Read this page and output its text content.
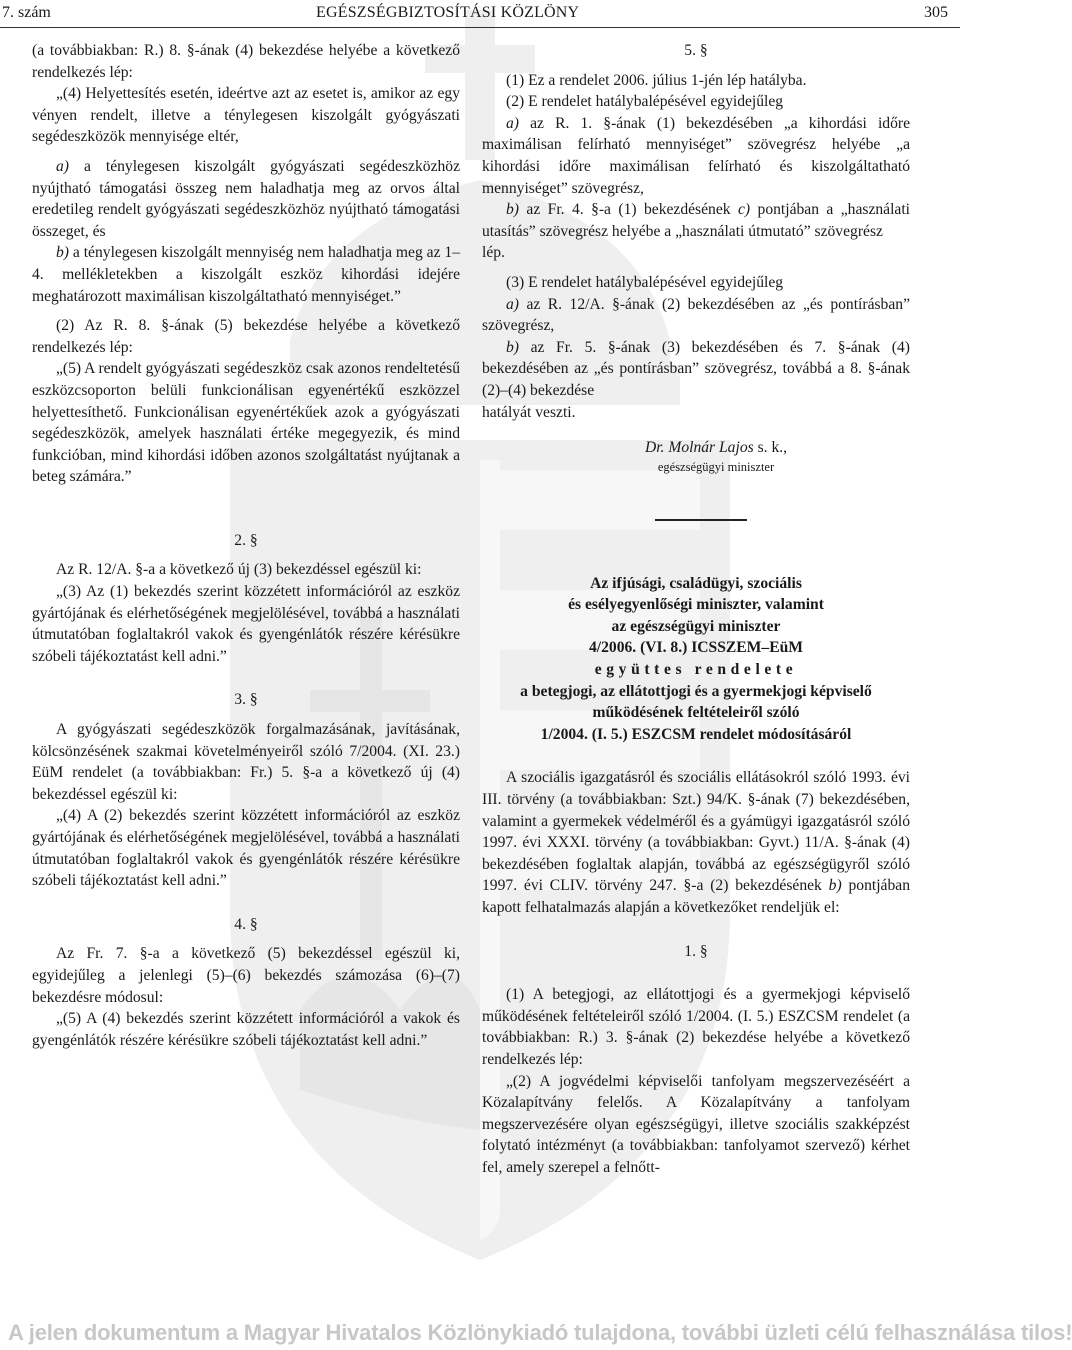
7. szám	EGÉSZSÉGBIZTOSÍTÁSI KÖZLÖNY	305

(a továbbiakban: R.) 8. §-ának (4) bekezdése helyébe a következő rendelkezés lép:

„(4) Helyettesítés esetén, ideértve azt az esetet is, amikor az egy vényen rendelt, illetve a ténylegesen kiszolgált gyógyászati segédeszközök mennyisége eltér,

a) a ténylegesen kiszolgált gyógyászati segédeszközhöz nyújtható támogatási összeg nem haladhatja meg az orvos által eredetileg rendelt gyógyászati segédeszközhöz nyújtható támogatási összeget, és

b) a ténylegesen kiszolgált mennyiség nem haladhatja meg az 1–4. mellékletekben a kiszolgált eszköz kihordási idejére meghatározott maximálisan kiszolgáltatható mennyiséget.”

(2) Az R. 8. §-ának (5) bekezdése helyébe a következő rendelkezés lép:

„(5) A rendelt gyógyászati segédeszköz csak azonos rendeltetésű eszközcsoporton belüli funkcionálisan egyenértékű eszközzel helyettesíthető. Funkcionálisan egyenértékűek azok a gyógyászati segédeszközök, amelyek használati értéke megegyezik, és mind funkcióban, mind kihordási időben azonos szolgáltatást nyújtanak a beteg számára.”

2. §

Az R. 12/A. §-a a következő új (3) bekezdéssel egészül ki:

„(3) Az (1) bekezdés szerint közzétett információról az eszköz gyártójának és elérhetőségének megjelölésével, továbbá a használati útmutatóban foglaltakról vakok és gyengénlátók részére kérésükre szóbeli tájékoztatást kell adni.”

3. §

A gyógyászati segédeszközök forgalmazásának, javításának, kölcsönzésének szakmai követelményeiről szóló 7/2004. (XI. 23.) EüM rendelet (a továbbiakban: Fr.) 5. §-a a következő új (4) bekezdéssel egészül ki:

„(4) A (2) bekezdés szerint közzétett információról az eszköz gyártójának és elérhetőségének megjelölésével, továbbá a használati útmutatóban foglaltakról vakok és gyengénlátók részére kérésükre szóbeli tájékoztatást kell adni.”

4. §

Az Fr. 7. §-a a következő (5) bekezdéssel egészül ki, egyidejűleg a jelenlegi (5)–(6) bekezdés számozása (6)–(7) bekezdésre módosul:

„(5) A (4) bekezdés szerint közzétett információról a vakok és gyengénlátók részére kérésükre szóbeli tájékoztatást kell adni.”

5. §

(1) Ez a rendelet 2006. július 1-jén lép hatályba.

(2) E rendelet hatálybalépésével egyidejűleg

a) az R. 1. §-ának (1) bekezdésében „a kihordási időre maximálisan felírható mennyiséget” szövegrész helyébe „a kihordási időre maximálisan felírható és kiszolgáltatható mennyiséget” szövegrész,

b) az Fr. 4. §-a (1) bekezdésének c) pontjában a „használati utasítás” szövegrész helyébe a „használati útmutató” szövegrész

lép.

(3) E rendelet hatálybalépésével egyidejűleg

a) az R. 12/A. §-ának (2) bekezdésében az „és pontírásban” szövegrész,

b) az Fr. 5. §-ának (3) bekezdésében és 7. §-ának (4) bekezdésében az „és pontírásban” szövegrész, továbbá a 8. §-ának (2)–(4) bekezdése

hatályát veszti.

Dr. Molnár Lajos s. k.,

egészségügyi miniszter
Az ifjúsági, családügyi, szociális
és esélyegyenlőségi miniszter, valamint
az egészségügyi miniszter
4/2006. (VI. 8.) ICSSZEM–EüM
együttes rendelete
a betegjogi, az ellátottjogi és a gyermekjogi képviselő
működésének feltételeiről szóló
1/2004. (I. 5.) ESZCSM rendelet módosításáról

A szociális igazgatásról és szociális ellátásokról szóló 1993. évi III. törvény (a továbbiakban: Szt.) 94/K. §-ának (7) bekezdésében, valamint a gyermekek védelméről és a gyámügyi igazgatásról szóló 1997. évi XXXI. törvény (a továbbiakban: Gyvt.) 11/A. §-ának (4) bekezdésében foglaltak alapján, továbbá az egészségügyről szóló 1997. évi CLIV. törvény 247. §-a (2) bekezdésének b) pontjában kapott felhatalmazás alapján a következőket rendeljük el:

1. §

(1) A betegjogi, az ellátottjogi és a gyermekjogi képviselő működésének feltételeiről szóló 1/2004. (I. 5.) ESZCSM rendelet (a továbbiakban: R.) 3. §-ának (2) bekezdése helyébe a következő rendelkezés lép:

„(2) A jogvédelmi képviselői tanfolyam megszervezéséért a Közalapítvány felelős. A Közalapítvány a tanfolyam megszervezésére olyan egészségügyi, illetve szociális szakképzést folytató intézményt (a továbbiakban: tanfolyamot szervező) kérhet fel, amely szerepel a felnőtt-

A jelen dokumentum a Magyar Hivatalos Közlönykiadó tulajdona, további üzleti célú felhasználása tilos!
